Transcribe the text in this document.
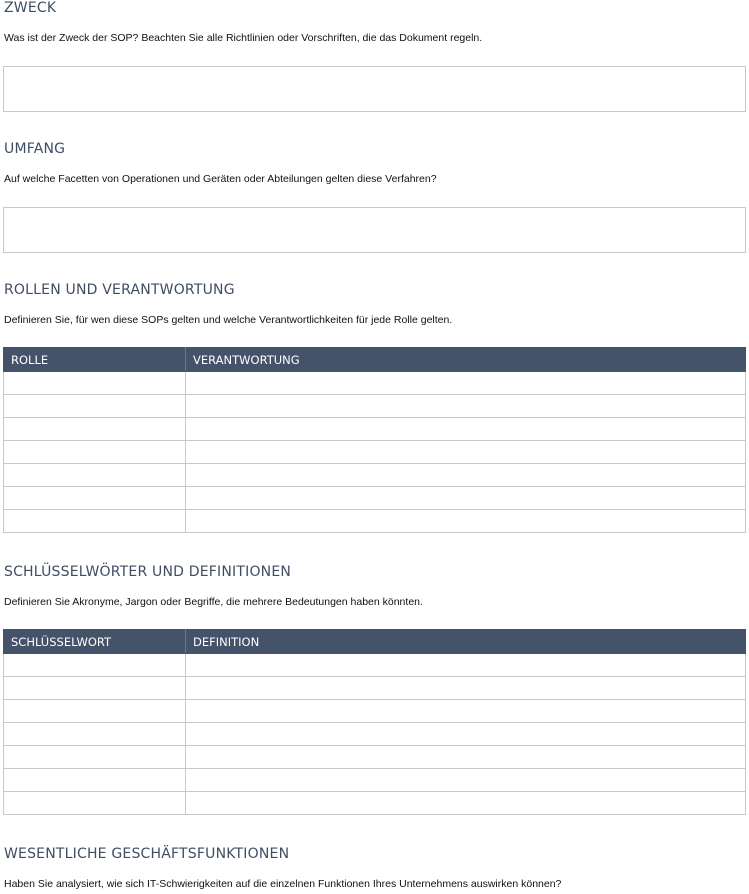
ZWECK

Was ist der Zweck der SOP? Beachten Sie alle Richtlinien oder Vorschriften, die das Dokument regeln.

UMFANG

Auf welche Facetten von Operationen und Geräten oder Abteilungen gelten diese Verfahren?

ROLLEN UND VERANTWORTUNG

Definieren Sie, für wen diese SOPs gelten und welche Verantwortlichkeiten für jede Rolle gelten.

ROLLE	VERANTWORTUNG

SCHLÜSSELWÖRTER UND DEFINITIONEN

Definieren Sie Akronyme, Jargon oder Begriffe, die mehrere Bedeutungen haben könnten.

SCHLÜSSELWORT	DEFINITION

WESENTLICHE GESCHÄFTSFUNKTIONEN

Haben Sie analysiert, wie sich IT-Schwierigkeiten auf die einzelnen Funktionen Ihres Unternehmens auswirken können?
